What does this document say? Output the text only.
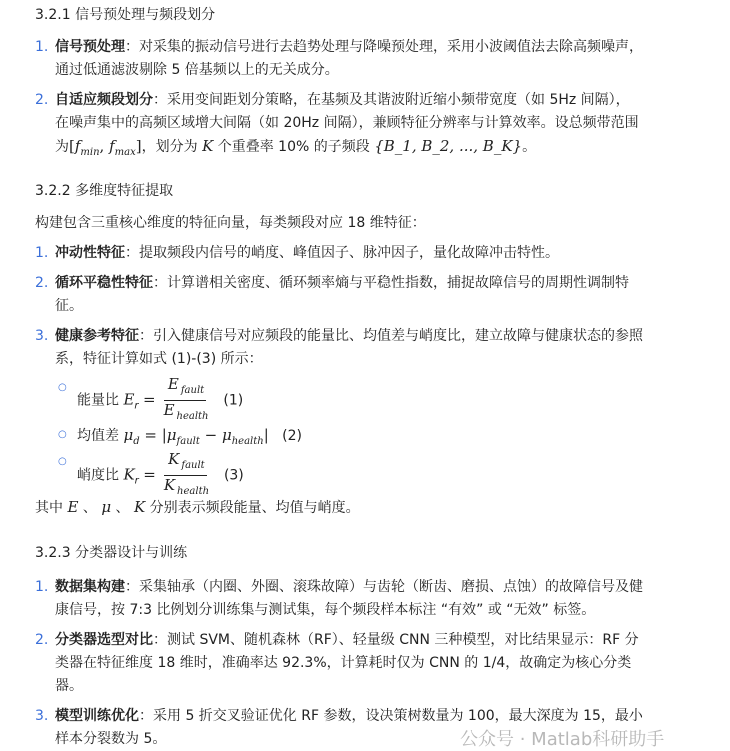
3.2.1 信号预处理与频段划分
1. 信号预处理：对采集的振动信号进行去趋势处理与降噪预处理，采用小波阈值法去除高频噪声，
通过低通滤波剔除 5 倍基频以上的无关成分。
2. 自适应频段划分：采用变间距划分策略，在基频及其谐波附近缩小频带宽度（如 5Hz 间隔），
在噪声集中的高频区域增大间隔（如 20Hz 间隔），兼顾特征分辨率与计算效率。设总频带范围
为[$f_{min}$, $f_{max}$]，划分为 K 个重叠率 10% 的子频段 {B_1, B_2, ..., B_K}。
3.2.2 多维度特征提取
构建包含三重核心维度的特征向量，每类频段对应 18 维特征：
1. 冲动性特征：提取频段内信号的峭度、峰值因子、脉冲因子，量化故障冲击特性。
2. 循环平稳性特征：计算谱相关密度、循环频率熵与平稳性指数，捕捉故障信号的周期性调制特
征。
3. 健康参考特征：引入健康信号对应频段的能量比、均值差与峭度比，建立故障与健康状态的参照
系，特征计算如式 (1)-(3) 所示：
○
能量比 $E_r = \frac{E _{fault}}{E _{health}} (1)$
○ 均值差 $\mu_d = |\mu_{fault} - \mu_{health}|$ (2)
○
峭度比 $K_r = \frac{K _{fault}}{K _{health}} (3)$
其中 E 、 μ 、 K 分别表示频段能量、均值与峭度。
3.2.3 分类器设计与训练
1. 数据集构建：采集轴承（内圈、外圈、滚珠故障）与齿轮（断齿、磨损、点蚀）的故障信号及健
康信号，按 7:3 比例划分训练集与测试集，每个频段样本标注 “有效” 或 “无效” 标签。
2. 分类器选型对比：测试 SVM、随机森林（RF）、轻量级 CNN 三种模型，对比结果显示：RF 分
类器在特征维度 18 维时，准确率达 92.3%，计算耗时仅为 CNN 的 1/4，故确定为核心分类
器。
3. 模型训练优化：采用 5 折交叉验证优化 RF 参数，设决策树数量为 100，最大深度为 15，最小
样本分裂数为 5。	公众号 · Matlab科研助手
